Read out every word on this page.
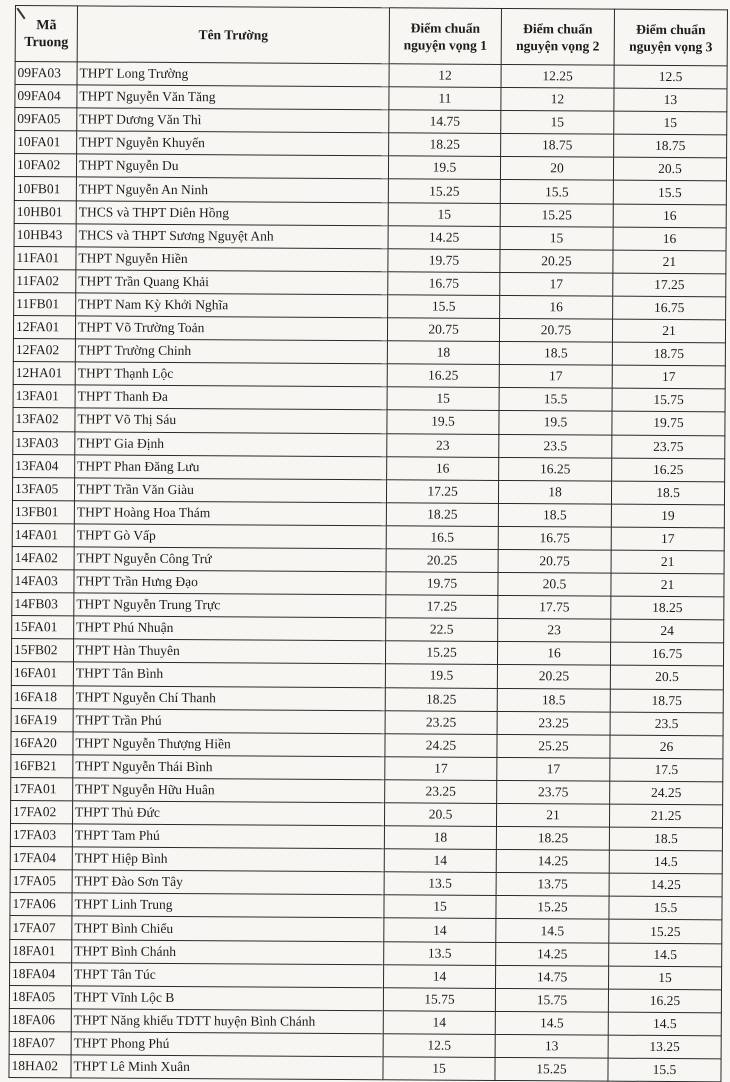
Mã Truong	Tên Trường	Điểm chuẩn nguyện vọng 1	Điểm chuẩn nguyện vọng 2	Điểm chuẩn nguyện vọng 3
09FA03	THPT Long Trường	12	12.25	12.5
09FA04	THPT Nguyễn Văn Tăng	11	12	13
09FA05	THPT Dương Văn Thì	14.75	15	15
10FA01	THPT Nguyễn Khuyến	18.25	18.75	18.75
10FA02	THPT Nguyễn Du	19.5	20	20.5
10FB01	THPT Nguyễn An Ninh	15.25	15.5	15.5
10HB01	THCS và THPT Diên Hồng	15	15.25	16
10HB43	THCS và THPT Sương Nguyệt Anh	14.25	15	16
11FA01	THPT Nguyễn Hiền	19.75	20.25	21
11FA02	THPT Trần Quang Khải	16.75	17	17.25
11FB01	THPT Nam Kỳ Khởi Nghĩa	15.5	16	16.75
12FA01	THPT Võ Trường Toản	20.75	20.75	21
12FA02	THPT Trường Chinh	18	18.5	18.75
12HA01	THPT Thạnh Lộc	16.25	17	17
13FA01	THPT Thanh Đa	15	15.5	15.75
13FA02	THPT Võ Thị Sáu	19.5	19.5	19.75
13FA03	THPT Gia Định	23	23.5	23.75
13FA04	THPT Phan Đăng Lưu	16	16.25	16.25
13FA05	THPT Trần Văn Giàu	17.25	18	18.5
13FB01	THPT Hoàng Hoa Thám	18.25	18.5	19
14FA01	THPT Gò Vấp	16.5	16.75	17
14FA02	THPT Nguyễn Công Trứ	20.25	20.75	21
14FA03	THPT Trần Hưng Đạo	19.75	20.5	21
14FB03	THPT Nguyễn Trung Trực	17.25	17.75	18.25
15FA01	THPT Phú Nhuận	22.5	23	24
15FB02	THPT Hàn Thuyên	15.25	16	16.75
16FA01	THPT Tân Bình	19.5	20.25	20.5
16FA18	THPT Nguyễn Chí Thanh	18.25	18.5	18.75
16FA19	THPT Trần Phú	23.25	23.25	23.5
16FA20	THPT Nguyễn Thượng Hiền	24.25	25.25	26
16FB21	THPT Nguyễn Thái Bình	17	17	17.5
17FA01	THPT Nguyễn Hữu Huân	23.25	23.75	24.25
17FA02	THPT Thủ Đức	20.5	21	21.25
17FA03	THPT Tam Phú	18	18.25	18.5
17FA04	THPT Hiệp Bình	14	14.25	14.5
17FA05	THPT Đào Sơn Tây	13.5	13.75	14.25
17FA06	THPT Linh Trung	15	15.25	15.5
17FA07	THPT Bình Chiểu	14	14.5	15.25
18FA01	THPT Bình Chánh	13.5	14.25	14.5
18FA04	THPT Tân Túc	14	14.75	15
18FA05	THPT Vĩnh Lộc B	15.75	15.75	16.25
18FA06	THPT Năng khiếu TDTT huyện Bình Chánh	14	14.5	14.5
18FA07	THPT Phong Phú	12.5	13	13.25
18HA02	THPT Lê Minh Xuân	15	15.25	15.5
